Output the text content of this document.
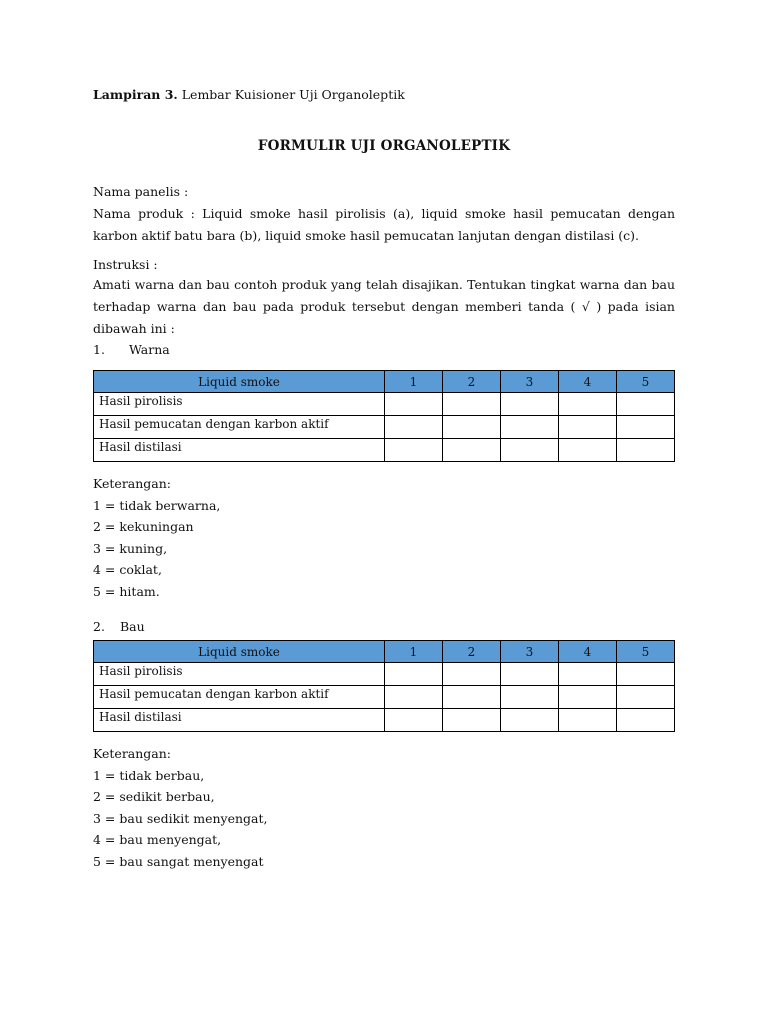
Lampiran 3. Lembar Kuisioner Uji Organoleptik
FORMULIR UJI ORGANOLEPTIK
Nama panelis :
Nama produk : Liquid smoke hasil pirolisis (a), liquid smoke hasil pemucatan dengan karbon aktif batu bara (b), liquid smoke hasil pemucatan lanjutan dengan distilasi (c).
Instruksi :
Amati warna dan bau contoh produk yang telah disajikan. Tentukan tingkat warna dan bau terhadap warna dan bau pada produk tersebut dengan memberi tanda ( √ ) pada isian dibawah ini :
1. Warna
Liquid smoke	1	2	3	4	5
Hasil pirolisis					
Hasil pemucatan dengan karbon aktif					
Hasil distilasi					
Keterangan:
1 = tidak berwarna,
2 = kekuningan
3 = kuning,
4 = coklat,
5 = hitam.
2. Bau
Liquid smoke	1	2	3	4	5
Hasil pirolisis					
Hasil pemucatan dengan karbon aktif					
Hasil distilasi					
Keterangan:
1 = tidak berbau,
2 = sedikit berbau,
3 = bau sedikit menyengat,
4 = bau menyengat,
5 = bau sangat menyengat
